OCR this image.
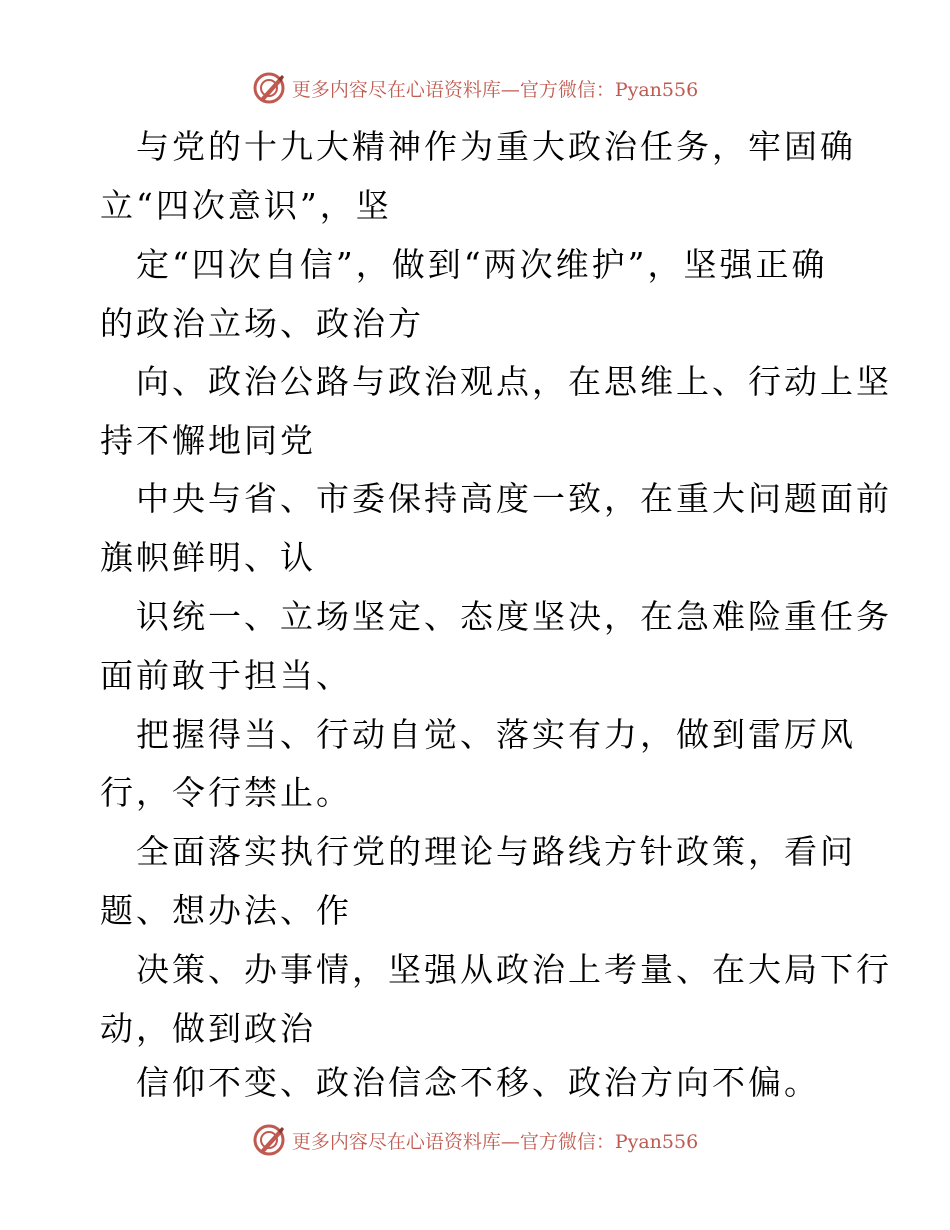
更多内容尽在心语资料库—官方微信：Pyan556
与党的十九大精神作为重大政治任务，牢固确
立“四次意识”，坚
定“四次自信”，做到“两次维护”，坚强正确
的政治立场、政治方
向、政治公路与政治观点，在思维上、行动上坚
持不懈地同党
中央与省、市委保持高度一致，在重大问题面前
旗帜鲜明、认
识统一、立场坚定、态度坚决，在急难险重任务
面前敢于担当、
把握得当、行动自觉、落实有力，做到雷厉风
行，令行禁止。
全面落实执行党的理论与路线方针政策，看问
题、想办法、作
决策、办事情，坚强从政治上考量、在大局下行
动，做到政治
信仰不变、政治信念不移、政治方向不偏。
更多内容尽在心语资料库—官方微信：Pyan556
